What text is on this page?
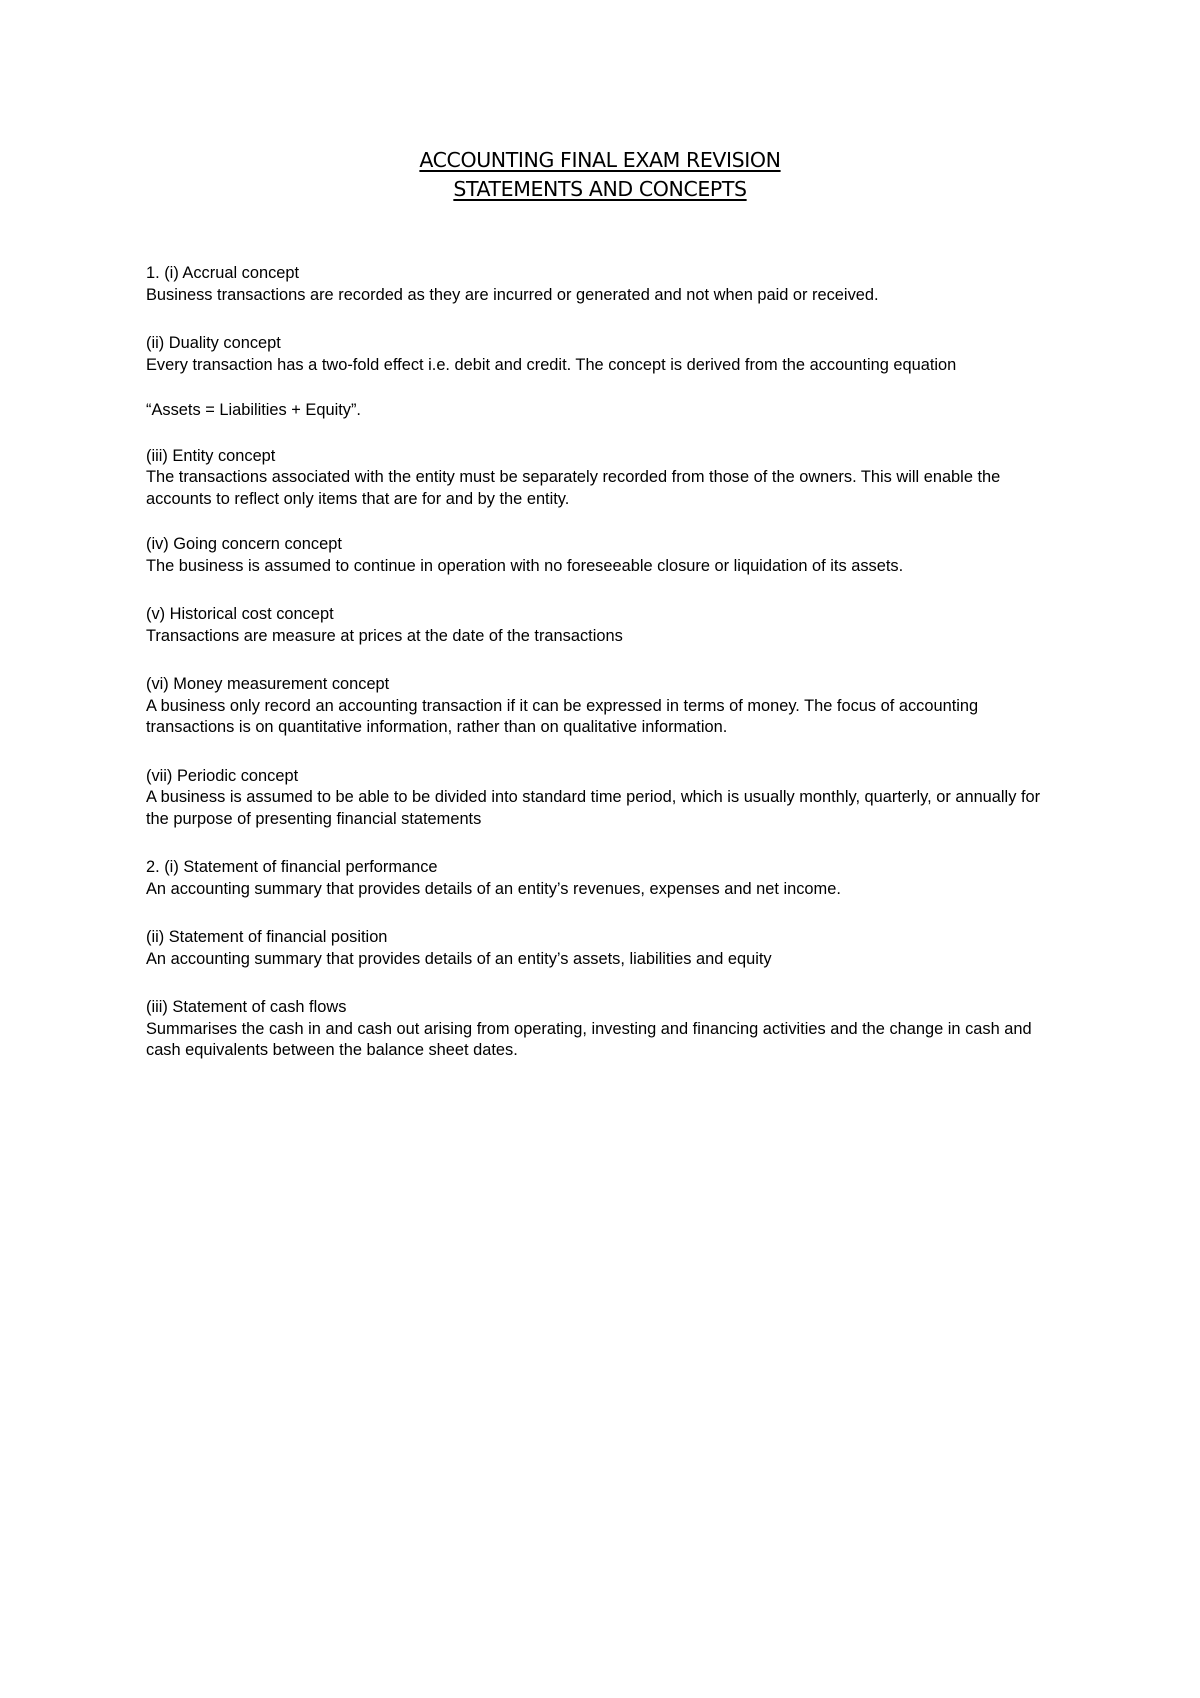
ACCOUNTING FINAL EXAM REVISION
STATEMENTS AND CONCEPTS
1. (i) Accrual concept
Business transactions are recorded as they are incurred or generated and not when paid or received.
(ii) Duality concept
Every transaction has a two-fold effect i.e. debit and credit. The concept is derived from the accounting equation
“Assets = Liabilities + Equity”.
(iii) Entity concept
The transactions associated with the entity must be separately recorded from those of the owners. This will enable the accounts to reflect only items that are for and by the entity.
(iv) Going concern concept
The business is assumed to continue in operation with no foreseeable closure or liquidation of its assets.
(v) Historical cost concept
Transactions are measure at prices at the date of the transactions
(vi) Money measurement concept
A business only record an accounting transaction if it can be expressed in terms of money. The focus of accounting transactions is on quantitative information, rather than on qualitative information.
(vii) Periodic concept
A business is assumed to be able to be divided into standard time period, which is usually monthly, quarterly, or annually for the purpose of presenting financial statements
2. (i) Statement of financial performance
An accounting summary that provides details of an entity’s revenues, expenses and net income.
(ii) Statement of financial position
An accounting summary that provides details of an entity’s assets, liabilities and equity
(iii) Statement of cash flows
Summarises the cash in and cash out arising from operating, investing and financing activities and the change in cash and cash equivalents between the balance sheet dates.
